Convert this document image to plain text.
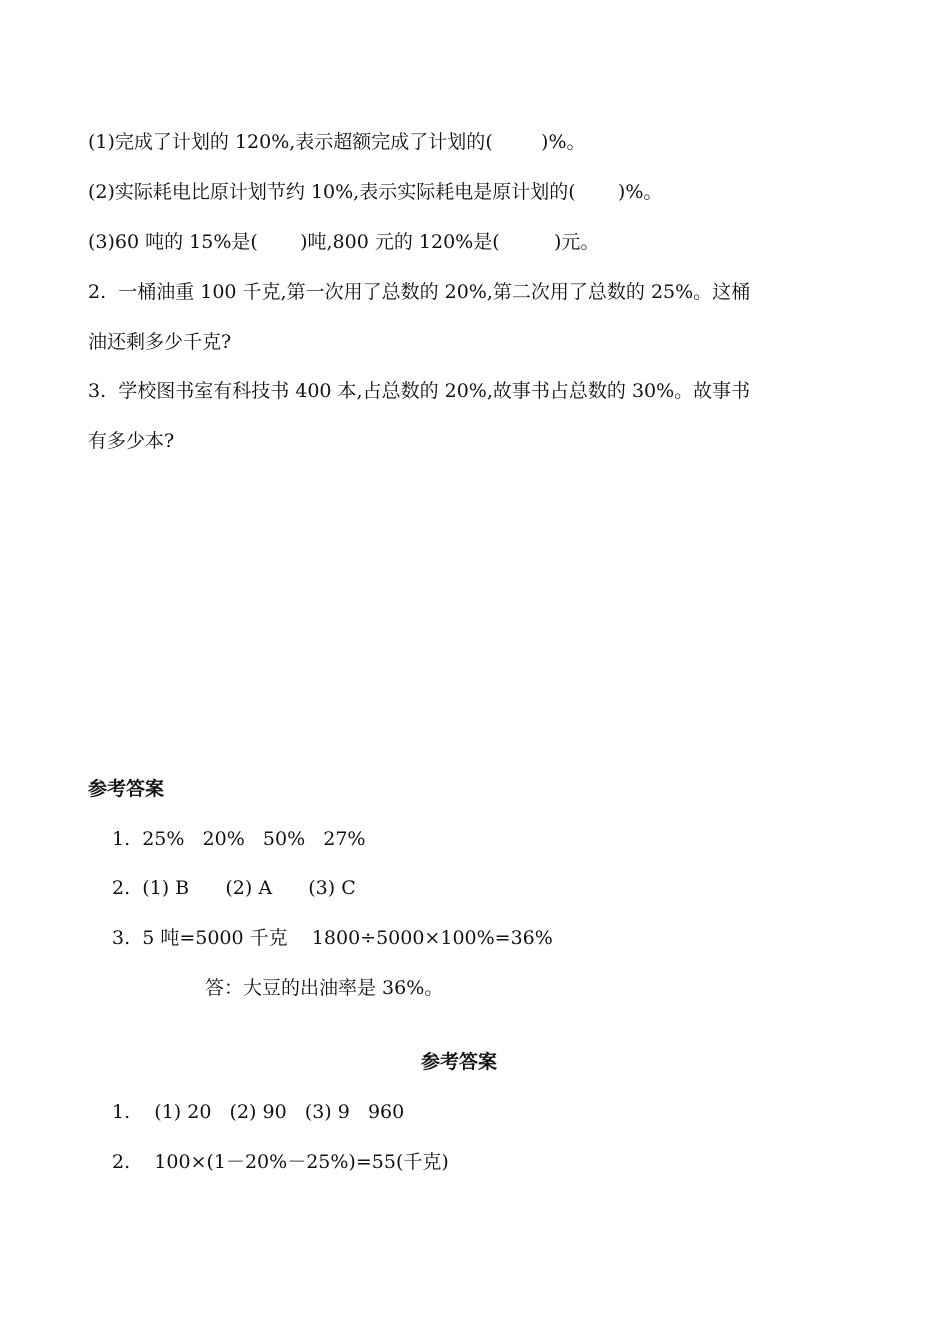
(1)完成了计划的 120%,表示超额完成了计划的(        )%。
(2)实际耗电比原计划节约 10%,表示实际耗电是原计划的(       )%。
(3)60 吨的 15%是(       )吨,800 元的 120%是(         )元。
2.  一桶油重 100 千克,第一次用了总数的 20%,第二次用了总数的 25%。这桶
油还剩多少千克?
3.  学校图书室有科技书 400 本,占总数的 20%,故事书占总数的 30%。故事书
有多少本?
参考答案
1.  25%   20%   50%   27%
2.  (1) B      (2) A      (3) C
3.  5 吨=5000 千克    1800÷5000×100%=36%
答：大豆的出油率是 36%。
参考答案
1.    (1) 20   (2) 90   (3) 9   960
2.    100×(1－20%－25%)=55(千克)
